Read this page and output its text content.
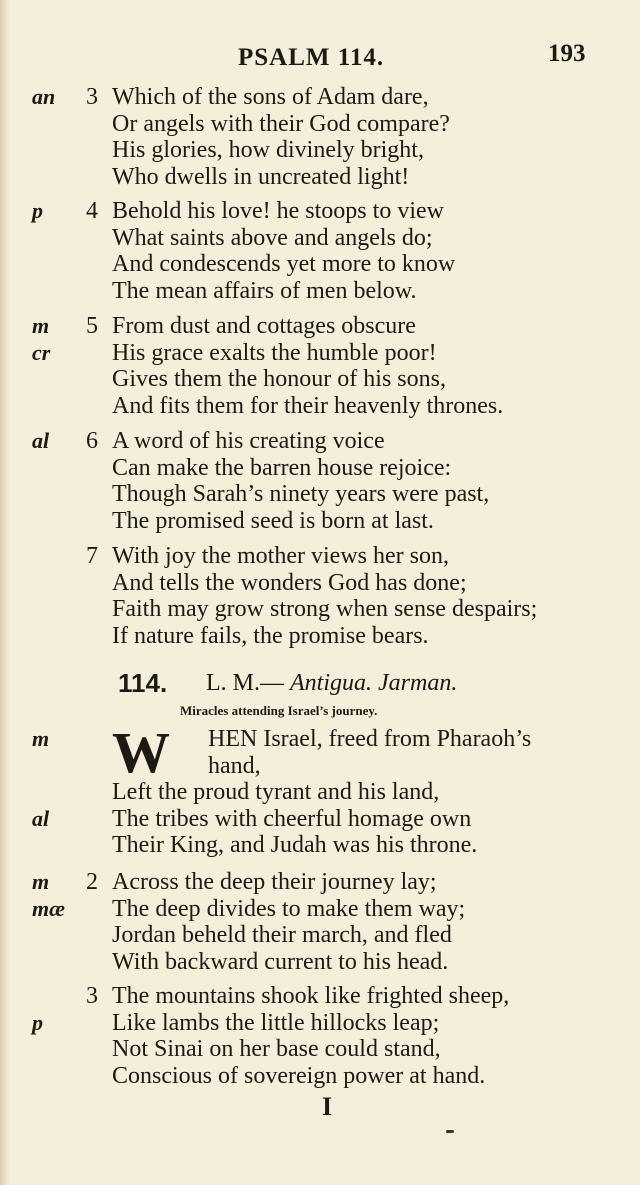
PSALM 114.	193
an	3 Which of the sons of Adam dare,
Or angels with their God compare?
His glories, how divinely bright,
Who dwells in uncreated light!
p	4 Behold his love! he stoops to view
What saints above and angels do;
And condescends yet more to know
The mean affairs of men below.
m	5 From dust and cottages obscure
cr	His grace exalts the humble poor!
Gives them the honour of his sons,
And fits them for their heavenly thrones.
al	6 A word of his creating voice
Can make the barren house rejoice:
Though Sarah’s ninety years were past,
The promised seed is born at last.
7 With joy the mother views her son,
And tells the wonders God has done;
Faith may grow strong when sense despairs;
If nature fails, the promise bears.
114. L. M.— Antigua. Jarman.
Miracles attending Israel’s journey.
W
m	HEN Israel, freed from Pharaoh’s
hand,
Left the proud tyrant and his land,
al	The tribes with cheerful homage own
Their King, and Judah was his throne.
m	2 Across the deep their journey lay;
mæ The deep divides to make them way;
Jordan beheld their march, and fled
With backward current to his head.
3 The mountains shook like frighted sheep,
p	Like lambs the little hillocks leap;
Not Sinai on her base could stand,
Conscious of sovereign power at hand.
I
